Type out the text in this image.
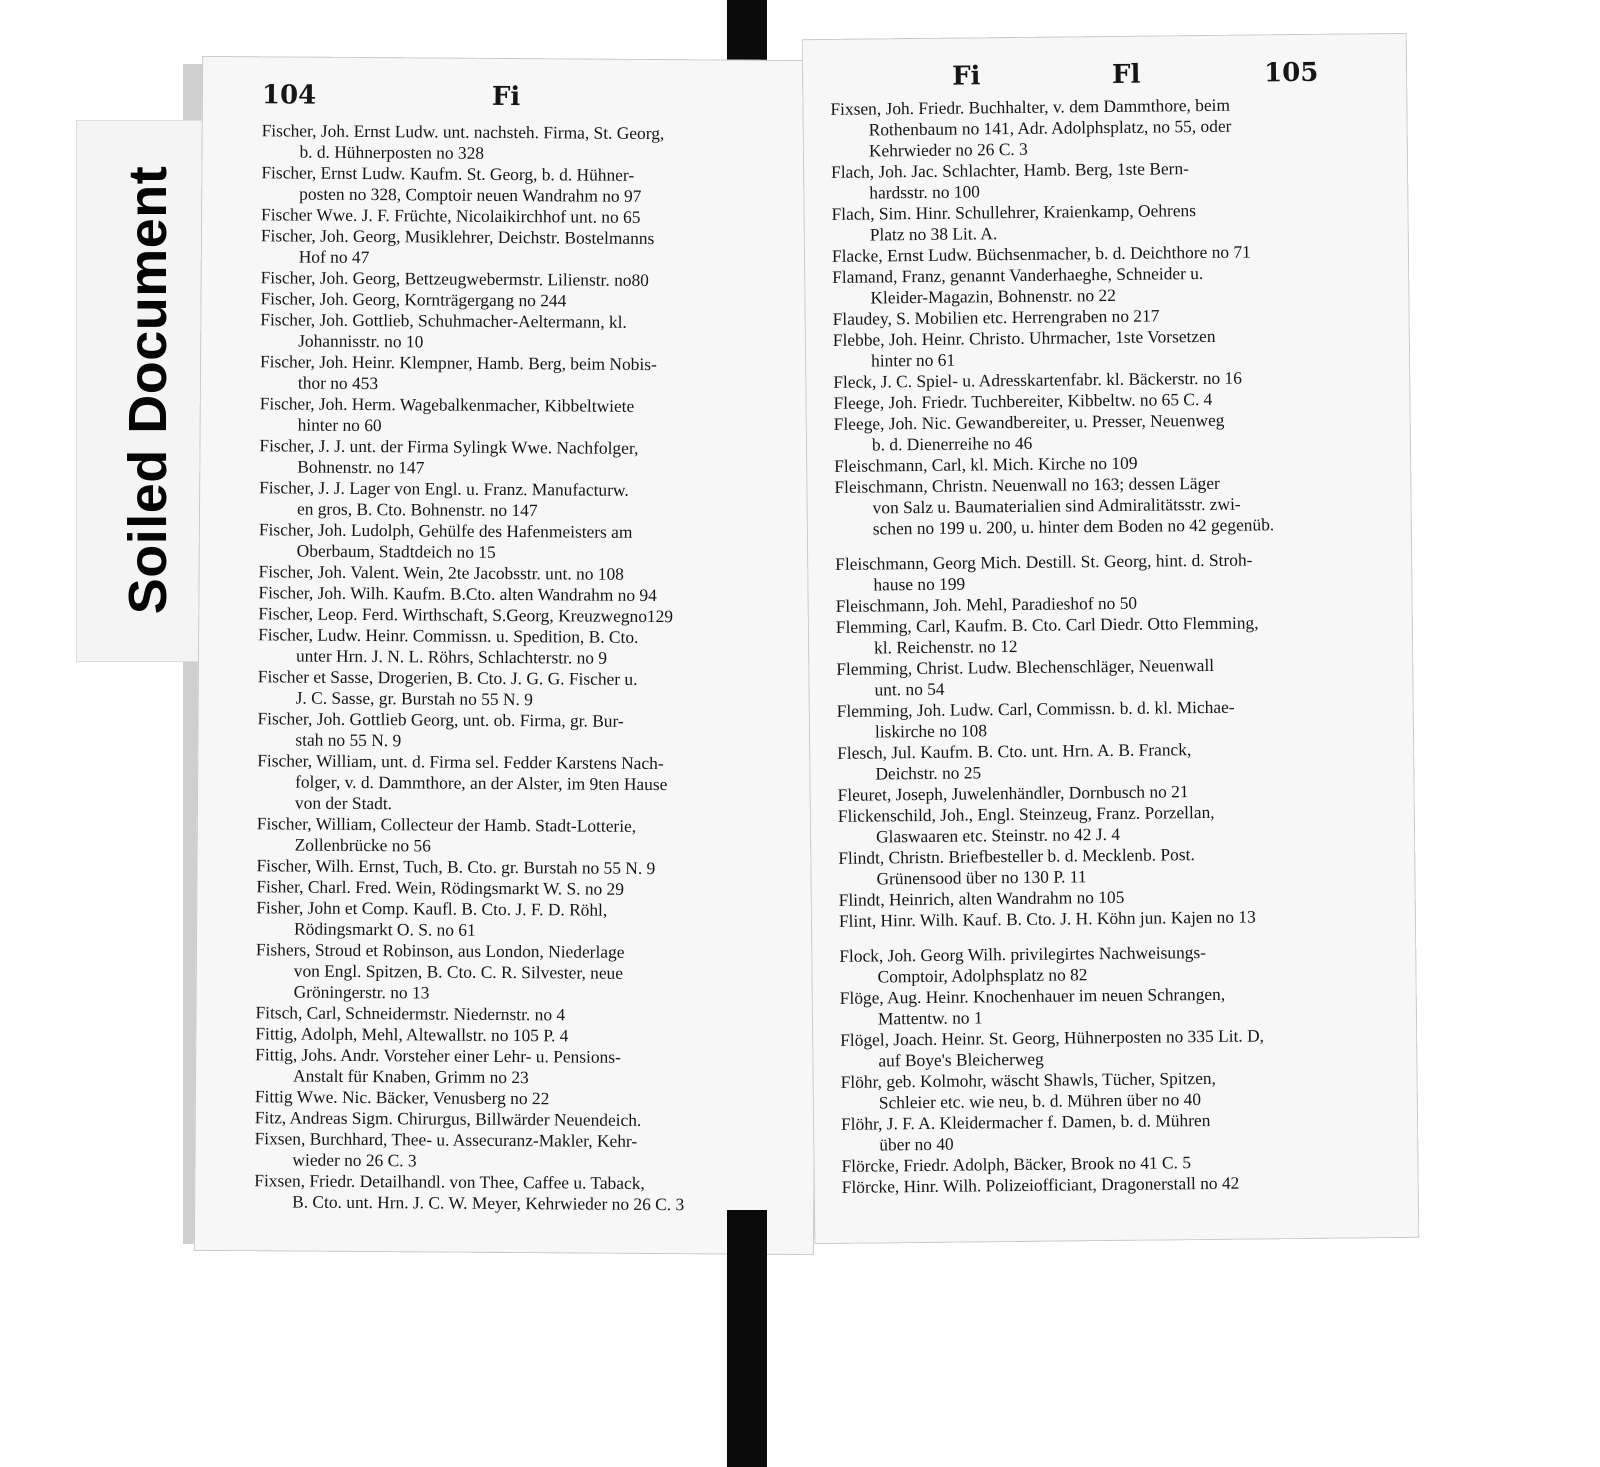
Soiled Document
104	Fi
Fischer, Joh. Ernst Ludw. unt. nachsteh. Firma, St. Georg,
b. d. Hühnerposten no 328
Fischer, Ernst Ludw. Kaufm. St. Georg, b. d. Hühner-
posten no 328, Comptoir neuen Wandrahm no 97
Fischer Wwe. J. F. Früchte, Nicolaikirchhof unt. no 65
Fischer, Joh. Georg, Musiklehrer, Deichstr. Bostelmanns
Hof no 47
Fischer, Joh. Georg, Bettzeugwebermstr. Lilienstr. no80
Fischer, Joh. Georg, Kornträgergang no 244
Fischer, Joh. Gottlieb, Schuhmacher-Aeltermann, kl.
Johannisstr. no 10
Fischer, Joh. Heinr. Klempner, Hamb. Berg, beim Nobis-
thor no 453
Fischer, Joh. Herm. Wagebalkenmacher, Kibbeltwiete
hinter no 60
Fischer, J. J. unt. der Firma Sylingk Wwe. Nachfolger,
Bohnenstr. no 147
Fischer, J. J. Lager von Engl. u. Franz. Manufacturw.
en gros, B. Cto. Bohnenstr. no 147
Fischer, Joh. Ludolph, Gehülfe des Hafenmeisters am
Oberbaum, Stadtdeich no 15
Fischer, Joh. Valent. Wein, 2te Jacobsstr. unt. no 108
Fischer, Joh. Wilh. Kaufm. B.Cto. alten Wandrahm no 94
Fischer, Leop. Ferd. Wirthschaft, S.Georg, Kreuzwegno129
Fischer, Ludw. Heinr. Commissn. u. Spedition, B. Cto.
unter Hrn. J. N. L. Röhrs, Schlachterstr. no 9
Fischer et Sasse, Drogerien, B. Cto. J. G. G. Fischer u.
J. C. Sasse, gr. Burstah no 55 N. 9
Fischer, Joh. Gottlieb Georg, unt. ob. Firma, gr. Bur-
stah no 55 N. 9
Fischer, William, unt. d. Firma sel. Fedder Karstens Nach-
folger, v. d. Dammthore, an der Alster, im 9ten Hause
von der Stadt.
Fischer, William, Collecteur der Hamb. Stadt-Lotterie,
Zollenbrücke no 56
Fischer, Wilh. Ernst, Tuch, B. Cto. gr. Burstah no 55 N. 9
Fisher, Charl. Fred. Wein, Rödingsmarkt W. S. no 29
Fisher, John et Comp. Kaufl. B. Cto. J. F. D. Röhl,
Rödingsmarkt O. S. no 61
Fishers, Stroud et Robinson, aus London, Niederlage
von Engl. Spitzen, B. Cto. C. R. Silvester, neue
Gröningerstr. no 13
Fitsch, Carl, Schneidermstr. Niedernstr. no 4
Fittig, Adolph, Mehl, Altewallstr. no 105 P. 4
Fittig, Johs. Andr. Vorsteher einer Lehr- u. Pensions-
Anstalt für Knaben, Grimm no 23
Fittig Wwe. Nic. Bäcker, Venusberg no 22
Fitz, Andreas Sigm. Chirurgus, Billwärder Neuendeich.
Fixsen, Burchhard, Thee- u. Assecuranz-Makler, Kehr-
wieder no 26 C. 3
Fixsen, Friedr. Detailhandl. von Thee, Caffee u. Taback,
B. Cto. unt. Hrn. J. C. W. Meyer, Kehrwieder no 26 C. 3
Fi	Fl	105
Fixsen, Joh. Friedr. Buchhalter, v. dem Dammthore, beim
Rothenbaum no 141, Adr. Adolphsplatz, no 55, oder
Kehrwieder no 26 C. 3
Flach, Joh. Jac. Schlachter, Hamb. Berg, 1ste Bern-
hardsstr. no 100
Flach, Sim. Hinr. Schullehrer, Kraienkamp, Oehrens
Platz no 38 Lit. A.
Flacke, Ernst Ludw. Büchsenmacher, b. d. Deichthore no 71
Flamand, Franz, genannt Vanderhaeghe, Schneider u.
Kleider-Magazin, Bohnenstr. no 22
Flaudey, S. Mobilien etc. Herrengraben no 217
Flebbe, Joh. Heinr. Christo. Uhrmacher, 1ste Vorsetzen
hinter no 61
Fleck, J. C. Spiel- u. Adresskartenfabr. kl. Bäckerstr. no 16
Fleege, Joh. Friedr. Tuchbereiter, Kibbeltw. no 65 C. 4
Fleege, Joh. Nic. Gewandbereiter, u. Presser, Neuenweg
b. d. Dienerreihe no 46
Fleischmann, Carl, kl. Mich. Kirche no 109
Fleischmann, Christn. Neuenwall no 163; dessen Läger
von Salz u. Baumaterialien sind Admiralitätsstr. zwi-
schen no 199 u. 200, u. hinter dem Boden no 42 gegenüb.
Fleischmann, Georg Mich. Destill. St. Georg, hint. d. Stroh-
hause no 199
Fleischmann, Joh. Mehl, Paradieshof no 50
Flemming, Carl, Kaufm. B. Cto. Carl Diedr. Otto Flemming,
kl. Reichenstr. no 12
Flemming, Christ. Ludw. Blechenschläger, Neuenwall
unt. no 54
Flemming, Joh. Ludw. Carl, Commissn. b. d. kl. Michae-
liskirche no 108
Flesch, Jul. Kaufm. B. Cto. unt. Hrn. A. B. Franck,
Deichstr. no 25
Fleuret, Joseph, Juwelenhändler, Dornbusch no 21
Flickenschild, Joh., Engl. Steinzeug, Franz. Porzellan,
Glaswaaren etc. Steinstr. no 42 J. 4
Flindt, Christn. Briefbesteller b. d. Mecklenb. Post.
Grünensood über no 130 P. 11
Flindt, Heinrich, alten Wandrahm no 105
Flint, Hinr. Wilh. Kauf. B. Cto. J. H. Köhn jun. Kajen no 13
Flock, Joh. Georg Wilh. privilegirtes Nachweisungs-
Comptoir, Adolphsplatz no 82
Flöge, Aug. Heinr. Knochenhauer im neuen Schrangen,
Mattentw. no 1
Flögel, Joach. Heinr. St. Georg, Hühnerposten no 335 Lit. D,
auf Boye's Bleicherweg
Flöhr, geb. Kolmohr, wäscht Shawls, Tücher, Spitzen,
Schleier etc. wie neu, b. d. Mühren über no 40
Flöhr, J. F. A. Kleidermacher f. Damen, b. d. Mühren
über no 40
Flörcke, Friedr. Adolph, Bäcker, Brook no 41 C. 5
Flörcke, Hinr. Wilh. Polizeiofficiant, Dragonerstall no 42
